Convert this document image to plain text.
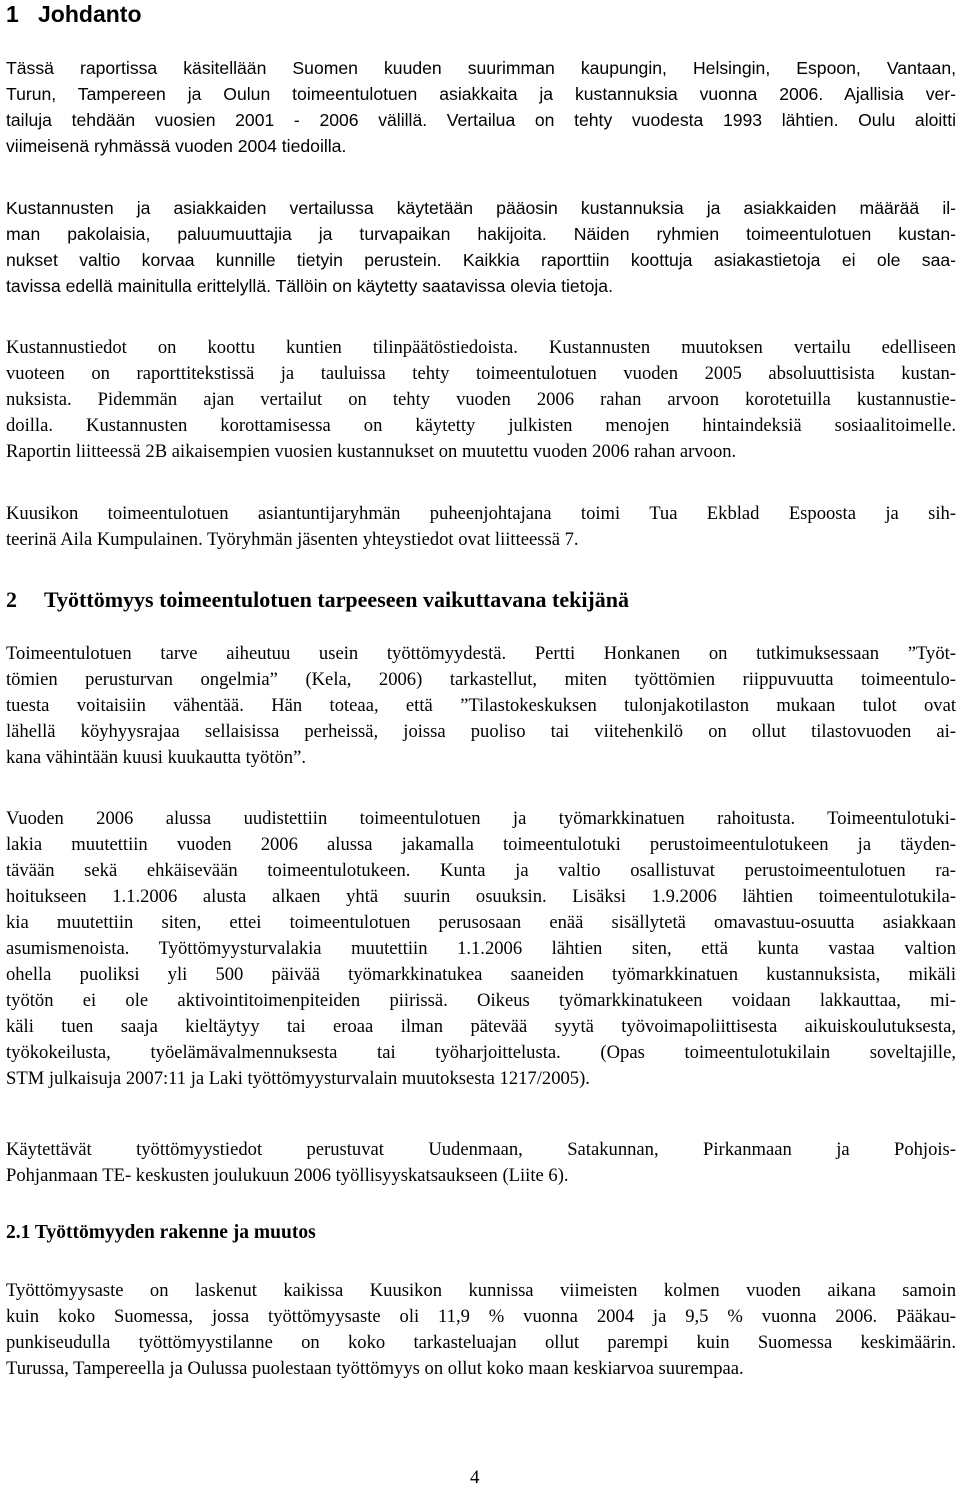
1 Johdanto
Tässä raportissa käsitellään Suomen kuuden suurimman kaupungin, Helsingin, Espoon, Vantaan,
Turun, Tampereen ja Oulun toimeentulotuen asiakkaita ja kustannuksia vuonna 2006. Ajallisia ver-
tailuja tehdään vuosien 2001 - 2006 välillä. Vertailua on tehty vuodesta 1993 lähtien. Oulu aloitti
viimeisenä ryhmässä vuoden 2004 tiedoilla.
Kustannusten ja asiakkaiden vertailussa käytetään pääosin kustannuksia ja asiakkaiden määrää il-
man pakolaisia, paluumuuttajia ja turvapaikan hakijoita. Näiden ryhmien toimeentulotuen kustan-
nukset valtio korvaa kunnille tietyin perustein. Kaikkia raporttiin koottuja asiakastietoja ei ole saa-
tavissa edellä mainitulla erittelyllä. Tällöin on käytetty saatavissa olevia tietoja.
Kustannustiedot on koottu kuntien tilinpäätöstiedoista. Kustannusten muutoksen vertailu edelliseen
vuoteen on raporttitekstissä ja tauluissa tehty toimeentulotuen vuoden 2005 absoluuttisista kustan-
nuksista. Pidemmän ajan vertailut on tehty vuoden 2006 rahan arvoon korotetuilla kustannustie-
doilla. Kustannusten korottamisessa on käytetty julkisten menojen hintaindeksiä sosiaalitoimelle.
Raportin liitteessä 2B aikaisempien vuosien kustannukset on muutettu vuoden 2006 rahan arvoon.
Kuusikon toimeentulotuen asiantuntijaryhmän puheenjohtajana toimi Tua Ekblad Espoosta ja sih-
teerinä Aila Kumpulainen. Työryhmän jäsenten yhteystiedot ovat liitteessä 7.
2 Työttömyys toimeentulotuen tarpeeseen vaikuttavana tekijänä
Toimeentulotuen tarve aiheutuu usein työttömyydestä. Pertti Honkanen on tutkimuksessaan ”Työt-
tömien perusturvan ongelmia” (Kela, 2006) tarkastellut, miten työttömien riippuvuutta toimeentulo-
tuesta voitaisiin vähentää. Hän toteaa, että ”Tilastokeskuksen tulonjakotilaston mukaan tulot ovat
lähellä köyhyysrajaa sellaisissa perheissä, joissa puoliso tai viitehenkilö on ollut tilastovuoden ai-
kana vähintään kuusi kuukautta työtön”.
Vuoden 2006 alussa uudistettiin toimeentulotuen ja työmarkkinatuen rahoitusta. Toimeentulotuki-
lakia muutettiin vuoden 2006 alussa jakamalla toimeentulotuki perustoimeentulotukeen ja täyden-
tävään sekä ehkäisevään toimeentulotukeen. Kunta ja valtio osallistuvat perustoimeentulotuen ra-
hoitukseen 1.1.2006 alusta alkaen yhtä suurin osuuksin. Lisäksi 1.9.2006 lähtien toimeentulotukila-
kia muutettiin siten, ettei toimeentulotuen perusosaan enää sisällytetä omavastuu-osuutta asiakkaan
asumismenoista. Työttömyysturvalakia muutettiin 1.1.2006 lähtien siten, että kunta vastaa valtion
ohella puoliksi yli 500 päivää työmarkkinatukea saaneiden työmarkkinatuen kustannuksista, mikäli
työtön ei ole aktivointitoimenpiteiden piirissä. Oikeus työmarkkinatukeen voidaan lakkauttaa, mi-
käli tuen saaja kieltäytyy tai eroaa ilman pätevää syytä työvoimapoliittisesta aikuiskoulutuksesta,
työkokeilusta, työelämävalmennuksesta tai työharjoittelusta. (Opas toimeentulotukilain soveltajille,
STM julkaisuja 2007:11 ja Laki työttömyysturvalain muutoksesta 1217/2005).
Käytettävät työttömyystiedot perustuvat Uudenmaan, Satakunnan, Pirkanmaan ja Pohjois-
Pohjanmaan TE- keskusten joulukuun 2006 työllisyyskatsaukseen (Liite 6).
2.1 Työttömyyden rakenne ja muutos
Työttömyysaste on laskenut kaikissa Kuusikon kunnissa viimeisten kolmen vuoden aikana samoin
kuin koko Suomessa, jossa työttömyysaste oli 11,9 % vuonna 2004 ja 9,5 % vuonna 2006. Pääkau-
punkiseudulla työttömyystilanne on koko tarkasteluajan ollut parempi kuin Suomessa keskimäärin.
Turussa, Tampereella ja Oulussa puolestaan työttömyys on ollut koko maan keskiarvoa suurempaa.
4
